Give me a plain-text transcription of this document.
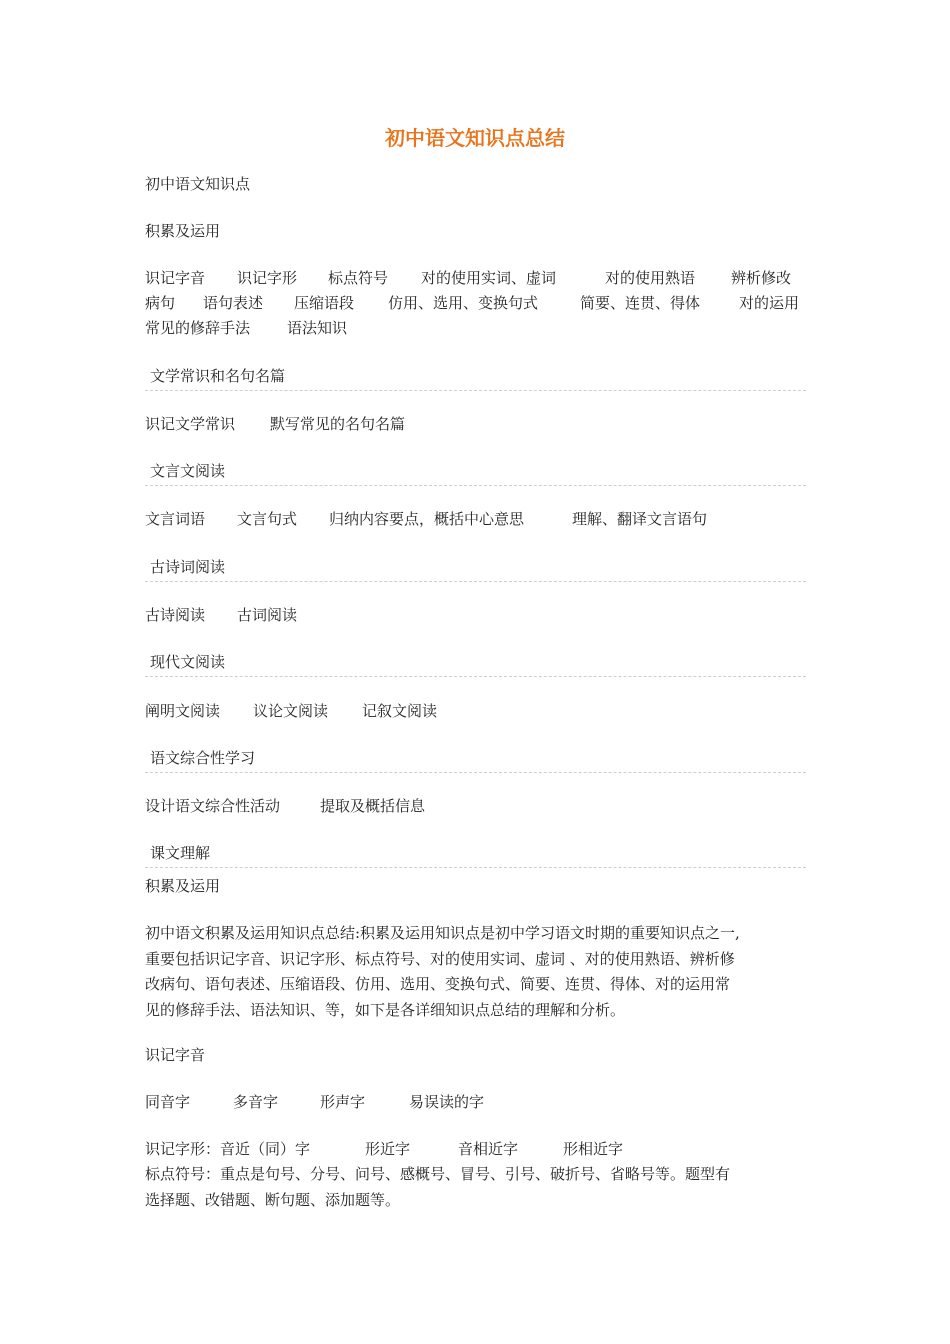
初中语文知识点总结
初中语文知识点
积累及运用
识记字音 识记字形 标点符号 对的使用实词、虚词	对的使用熟语 辨析修改
病句 语句表述 压缩语段 仿用、选用、变换句式	简要、连贯、得体	对的运用
常见的修辞手法 语法知识
文学常识和名句名篇
识记文学常识 默写常见的名句名篇
文言文阅读
文言词语 文言句式 归纳内容要点，概括中心意思	理解、翻译文言语句
古诗词阅读
古诗阅读 古词阅读
现代文阅读
阐明文阅读 议论文阅读 记叙文阅读
语文综合性学习
设计语文综合性活动	提取及概括信息
课文理解
积累及运用
初中语文积累及运用知识点总结:积累及运用知识点是初中学习语文时期的重要知识点之一,
重要包括识记字音、识记字形、标点符号、对的使用实词、虚词 、对的使用熟语、辨析修
改病句、语句表述、压缩语段、仿用、选用、变换句式、简要、连贯、得体、对的运用常
见的修辞手法、语法知识、等，如下是各详细知识点总结的理解和分析。
识记字音
同音字	多音字	形声字	易误读的字
识记字形：音近（同）字	形近字	音相近字	形相近字
标点符号：重点是句号、分号、问号、感概号、冒号、引号、破折号、省略号等。题型有
选择题、改错题、断句题、添加题等。
